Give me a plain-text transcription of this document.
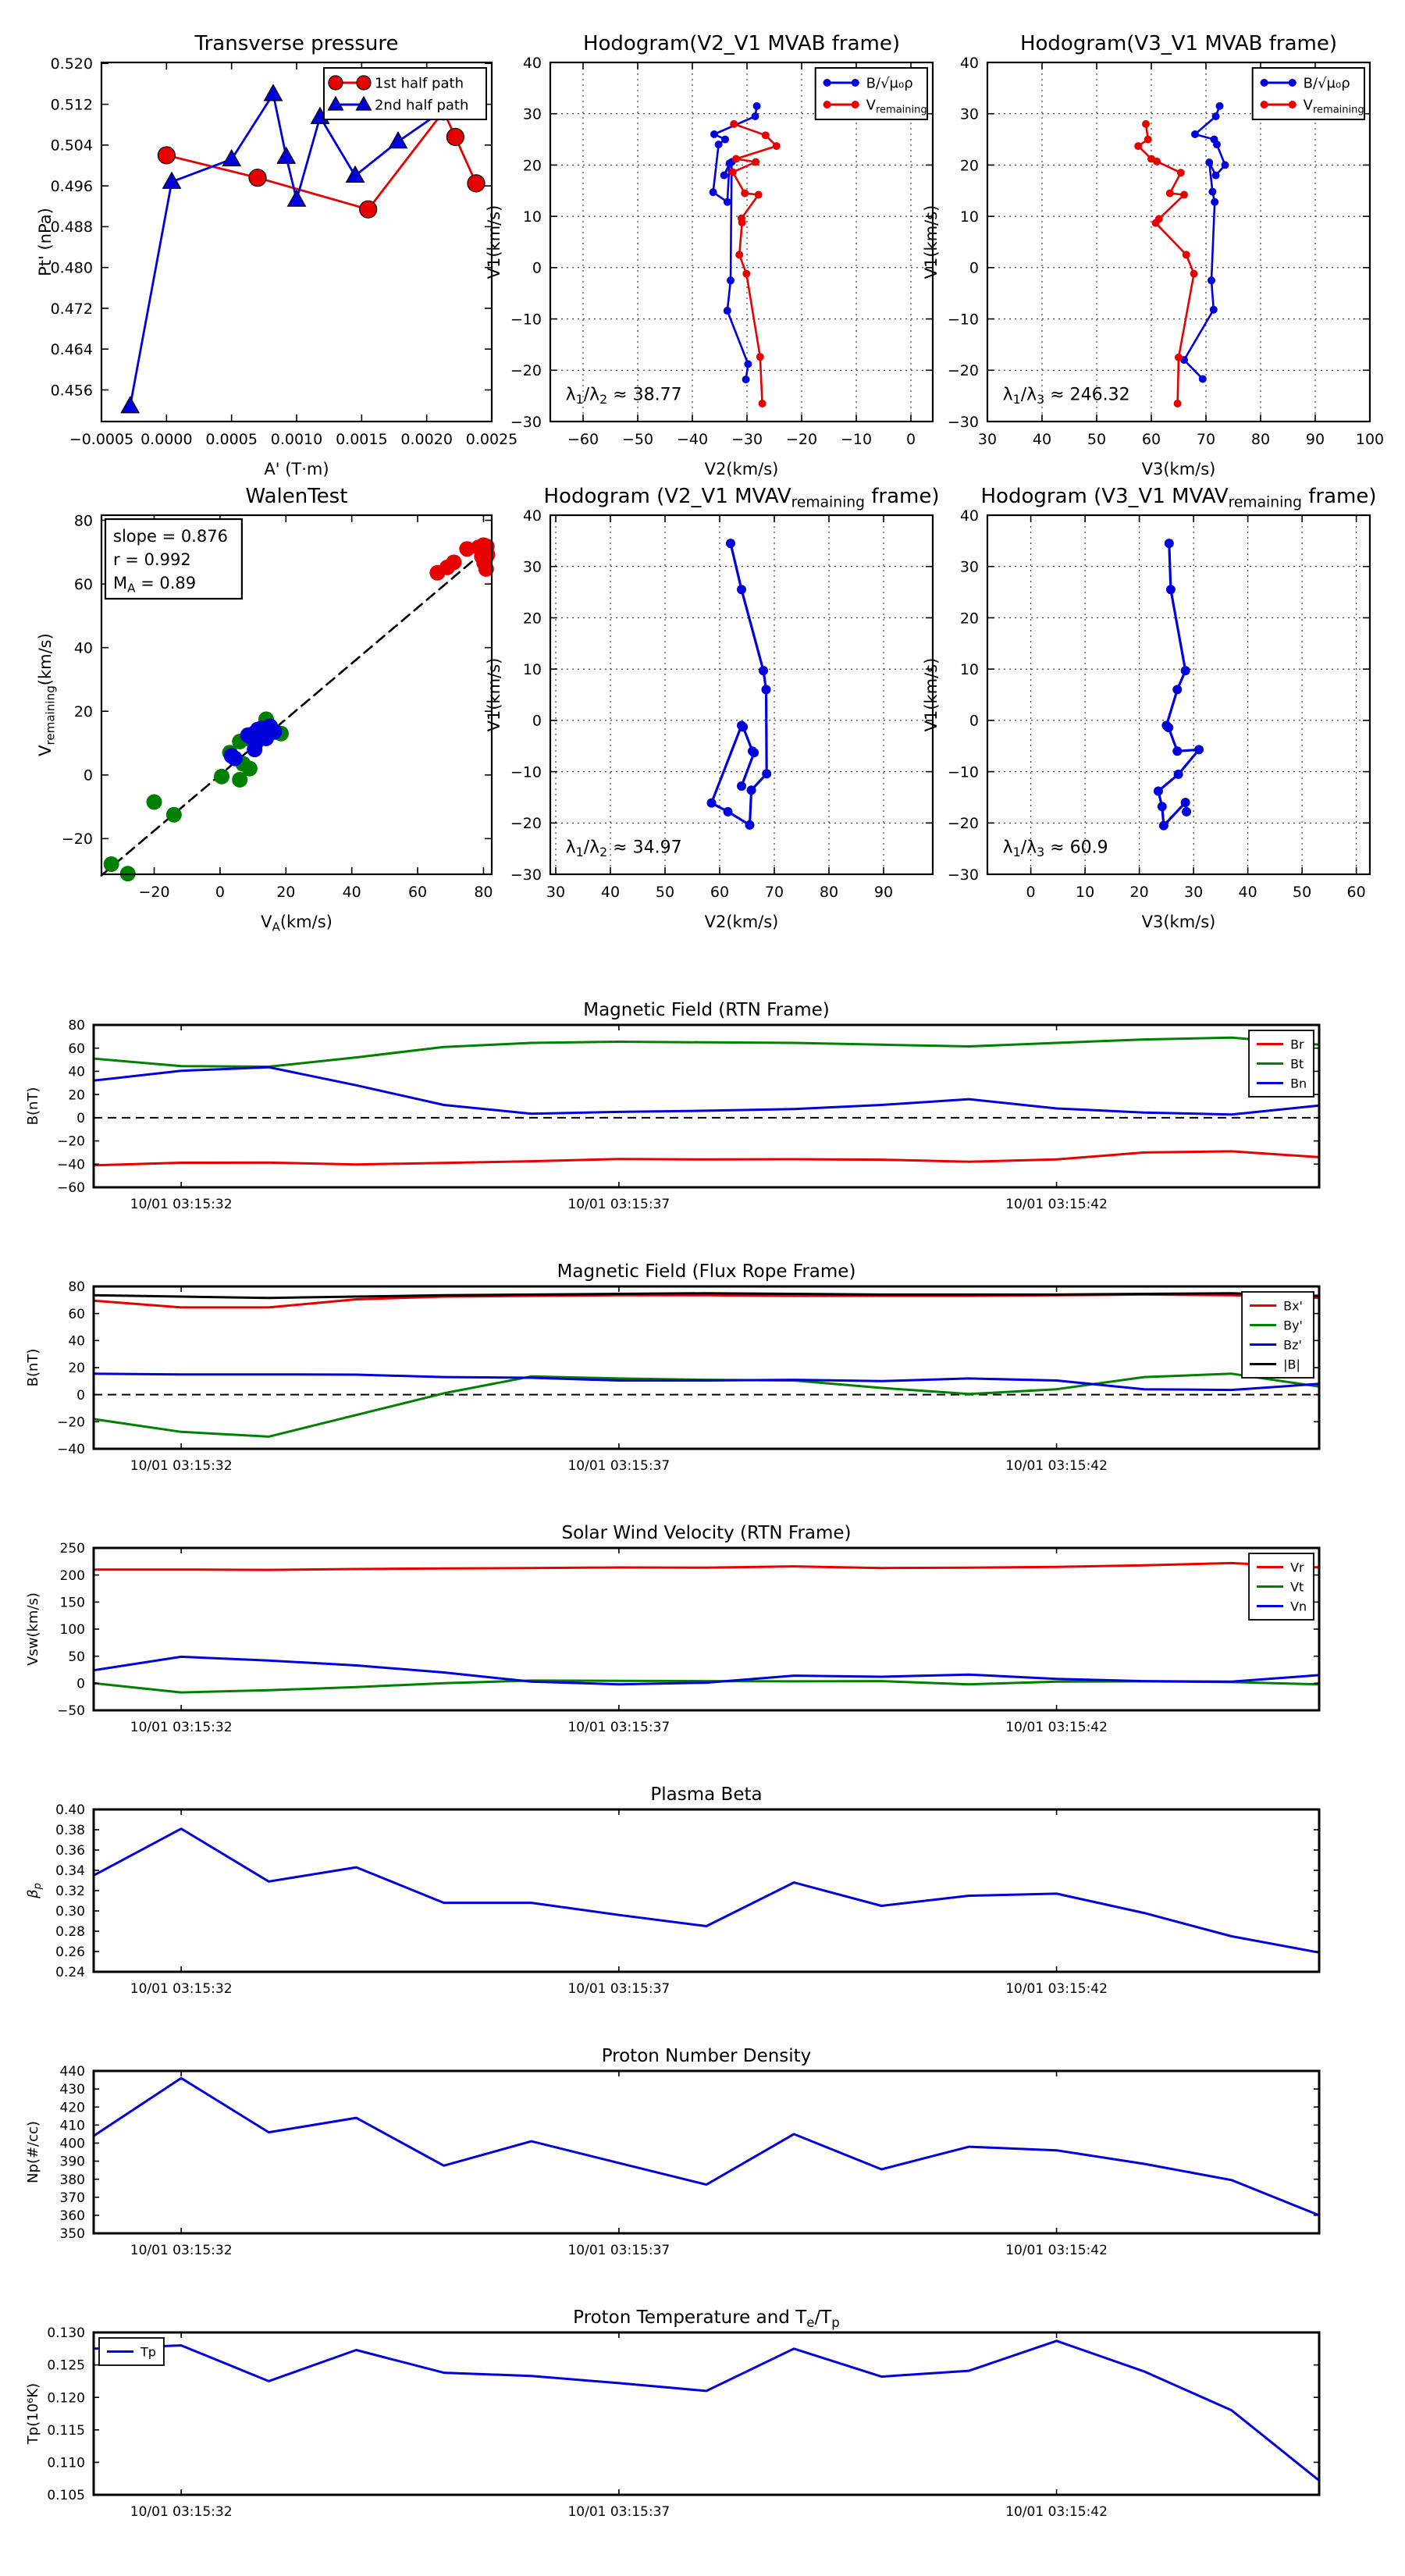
−0.0005 0.0000 0.0005 0.0010 0.0015 0.0020 0.0025
0.456
0.464
0.472
0.480
0.488
0.496
0.504
0.512
0.520
Transverse pressure
A' (T·m)
Pt' (nPa)
1st half path
2nd half path
−60 −50 −40 −30 −20 −10 0
−30
−20
−10
0
10
20
30
40
Hodogram(V2_V1 MVAB frame)
V2(km/s)
V1(km/s)
B/√μ₀ρ
$V_{remaining}$
$\lambda_1/\lambda_2 \approx 38.77$
30 40 50 60 70 80 90 100
−30
−20
−10
0
10
20
30
40
Hodogram(V3_V1 MVAB frame)
V3(km/s)
V1(km/s)
B/√μ₀ρ
$V_{remaining}$
$\lambda_1/\lambda_3 \approx 246.32$
−20	0	20	40	60	80
−20
0
20
40
60
80
WalenTest
$V_A(km/s)$
$V_{remaining}(km/s)$
slope = 0.876
r = 0.992
$M_A = 0.89$
30 40 50 60 70 80 90
−30
−20
−10
0
10
20
30
40
Hodogram (V2_V1 $MVAV_{remaining}$ frame)
V2(km/s)
V1(km/s)
$\lambda_1/\lambda_2 \approx 34.97$
0	10 20 30 40 50 60
−30
−20
−10
0
10
20
30
40
Hodogram (V3_V1 $MVAV_{remaining}$ frame)
V3(km/s)
V1(km/s)
$\lambda_1/\lambda_3 \approx 60.9$
10/01 03:15:32	10/01 03:15:37	10/01 03:15:42
−60
−40
−20
0
20
40
60
80
Magnetic Field (RTN Frame)
B(nT)
Br
Bt
Bn
10/01 03:15:32	10/01 03:15:37	10/01 03:15:42
−40
−20
0
20
40
60
80
Magnetic Field (Flux Rope Frame)
B(nT)
Bx'
By'
Bz'
|B|
10/01 03:15:32	10/01 03:15:37	10/01 03:15:42
−50
0
50
100
150
200
250
Solar Wind Velocity (RTN Frame)
Vsw(km/s)
Vr
Vt
Vn
10/01 03:15:32	10/01 03:15:37	10/01 03:15:42
0.24
0.26
0.28
0.30
0.32
0.34
0.36
0.38
0.40
Plasma Beta
$\beta_p$
10/01 03:15:32	10/01 03:15:37	10/01 03:15:42
350
360
370
380
390
400
410
420
430
440
Proton Number Density
Np(#/cc)
10/01 03:15:32	10/01 03:15:37	10/01 03:15:42
0.105
0.110
0.115
0.120
0.125
0.130
Proton Temperature and $T_e/T_p$
Tp(10⁶K)
Tp
